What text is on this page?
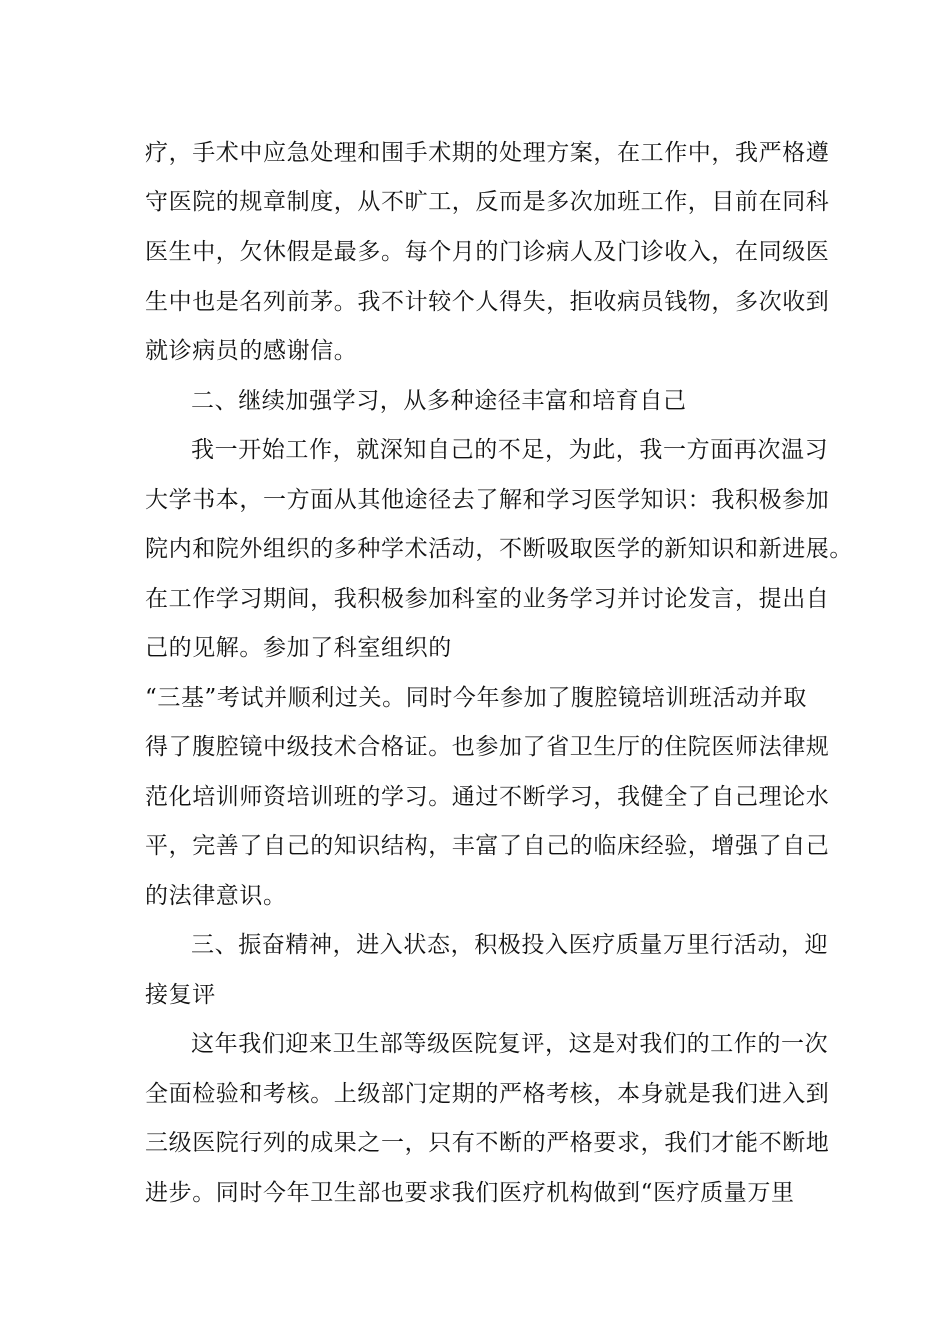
疗，手术中应急处理和围手术期的处理方案，在工作中，我严格遵
守医院的规章制度，从不旷工，反而是多次加班工作，目前在同科
医生中，欠休假是最多。每个月的门诊病人及门诊收入，在同级医
生中也是名列前茅。我不计较个人得失，拒收病员钱物，多次收到
就诊病员的感谢信。
二、继续加强学习，从多种途径丰富和培育自己
我一开始工作，就深知自己的不足，为此，我一方面再次温习
大学书本，一方面从其他途径去了解和学习医学知识：我积极参加
院内和院外组织的多种学术活动，不断吸取医学的新知识和新进展。
在工作学习期间，我积极参加科室的业务学习并讨论发言，提出自
己的见解。参加了科室组织的
“三基”考试并顺利过关。同时今年参加了腹腔镜培训班活动并取
得了腹腔镜中级技术合格证。也参加了省卫生厅的住院医师法律规
范化培训师资培训班的学习。通过不断学习，我健全了自己理论水
平，完善了自己的知识结构，丰富了自己的临床经验，增强了自己
的法律意识。
三、振奋精神，进入状态，积极投入医疗质量万里行活动，迎
接复评
这年我们迎来卫生部等级医院复评，这是对我们的工作的一次
全面检验和考核。上级部门定期的严格考核，本身就是我们进入到
三级医院行列的成果之一，只有不断的严格要求，我们才能不断地
进步。同时今年卫生部也要求我们医疗机构做到“医疗质量万里
